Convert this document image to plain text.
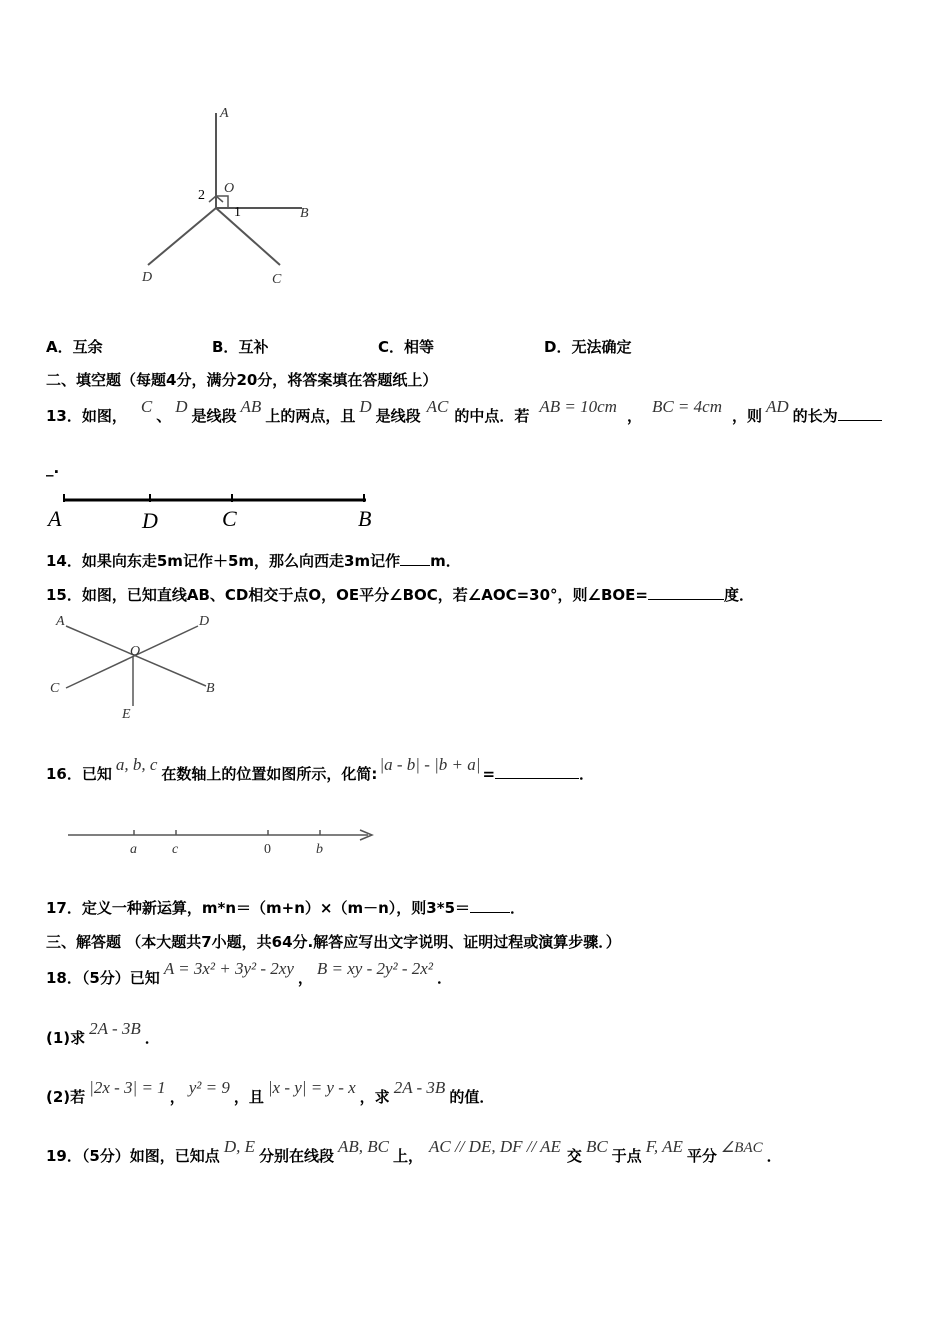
A
O
B
C
D
1
2
A．互余	B．互补	C．相等	D．无法确定
二、填空题（每题4分，满分20分，将答案填在答题纸上）
13．如图， C 、 D 是线段 AB 上的两点，且 D 是线段 AC 的中点．若 AB = 10cm ， BC = 4cm ，则 AD 的长为
_.
A	D	C	B
14．如果向东走5m记作＋5m，那么向西走3m记作 m．
15．如图，已知直线AB、CD相交于点O，OE平分∠BOC，若∠AOC=30°，则∠BOE=	度．
A	D
O
C	B
E
16．已知 a, b, c 在数轴上的位置如图所示，化简: |a - b| - |b + a| =	．
a	c	0	b
17．定义一种新运算，m*n＝（m+n）×（m－n），则3*5＝	．
三、解答题 （本大题共7小题，共64分.解答应写出文字说明、证明过程或演算步骤．）
18．（5分）已知 A = 3x² + 3y² - 2xy ， B = xy - 2y² - 2x² ．
(1)求 2A - 3B ．
(2)若 |2x - 3| = 1 ， y² = 9 ，且 |x - y| = y - x ，求 2A - 3B 的值．
19．（5分）如图，已知点 D, E 分别在线段 AB, BC 上， AC // DE, DF // AE 交 BC 于点 F, AE 平分 ∠BAC ．
